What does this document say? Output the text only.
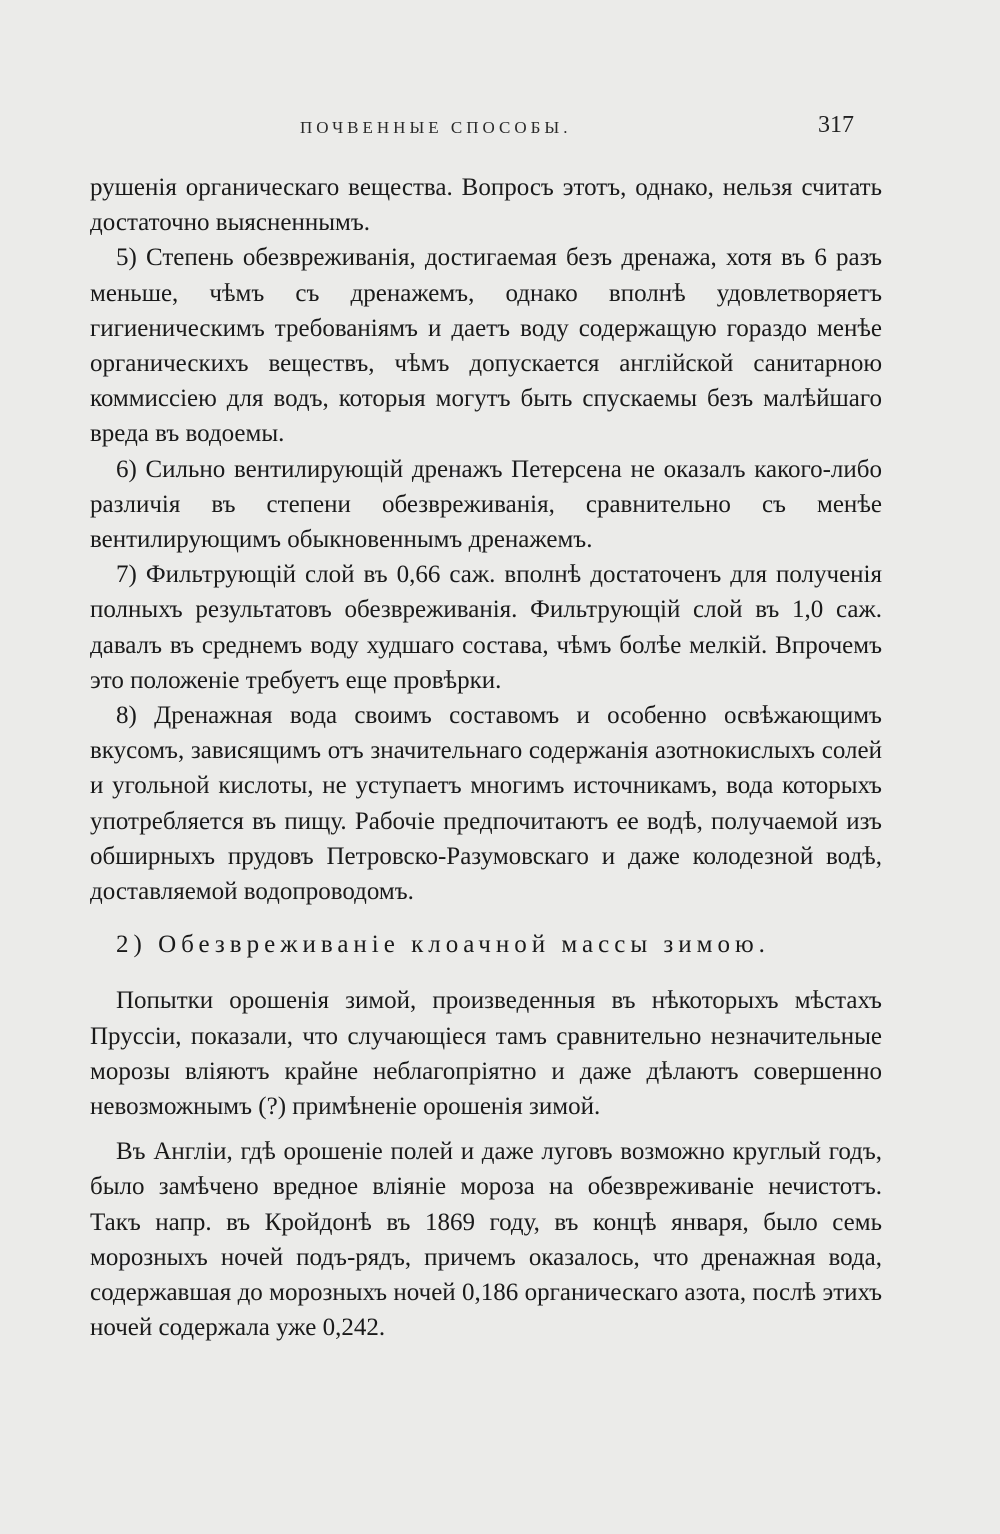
ПОЧВЕННЫЕ СПОСОБЫ.	317

рушенія органическаго вещества. Вопросъ этотъ, однако, нельзя считать достаточно выясненнымъ.

5) Степень обезвреживанія, достигаемая безъ дренажа, хотя въ 6 разъ меньше, чѣмъ съ дренажемъ, однако вполнѣ удовлетворяетъ гигиеническимъ требованіямъ и даетъ воду содержащую гораздо менѣе органическихъ веществъ, чѣмъ допускается англійской санитарною коммиссіею для водъ, которыя могутъ быть спускаемы безъ малѣйшаго вреда въ водоемы.

6) Сильно вентилирующій дренажъ Петерсена не оказалъ какого-либо различія въ степени обезвреживанія, сравнительно съ менѣе вентилирующимъ обыкновеннымъ дренажемъ.

7) Фильтрующій слой въ 0,66 саж. вполнѣ достаточенъ для полученія полныхъ результатовъ обезвреживанія. Фильтрующій слой въ 1,0 саж. давалъ въ среднемъ воду худшаго состава, чѣмъ болѣе мелкій. Впрочемъ это положеніе требуетъ еще провѣрки.

8) Дренажная вода своимъ составомъ и особенно освѣжающимъ вкусомъ, зависящимъ отъ значительнаго содержанія азотнокислыхъ солей и угольной кислоты, не уступаетъ многимъ источникамъ, вода которыхъ употребляется въ пищу. Рабочіе предпочитаютъ ее водѣ, получаемой изъ обширныхъ прудовъ Петровско-Разумовскаго и даже колодезной водѣ, доставляемой водопроводомъ.

2) Обезвреживаніе клоачной массы зимою.

Попытки орошенія зимой, произведенныя въ нѣкоторыхъ мѣстахъ Пруссіи, показали, что случающіеся тамъ сравнительно незначительные морозы вліяютъ крайне неблагопріятно и даже дѣлаютъ совершенно невозможнымъ (?) примѣненіе орошенія зимой.

Въ Англіи, гдѣ орошеніе полей и даже луговъ возможно круглый годъ, было замѣчено вредное вліяніе мороза на обезвреживаніе нечистотъ. Такъ напр. въ Кройдонѣ въ 1869 году, въ концѣ января, было семь морозныхъ ночей подъ-рядъ, причемъ оказалось, что дренажная вода, содержавшая до морозныхъ ночей 0,186 органическаго азота, послѣ этихъ ночей содержала уже 0,242.
